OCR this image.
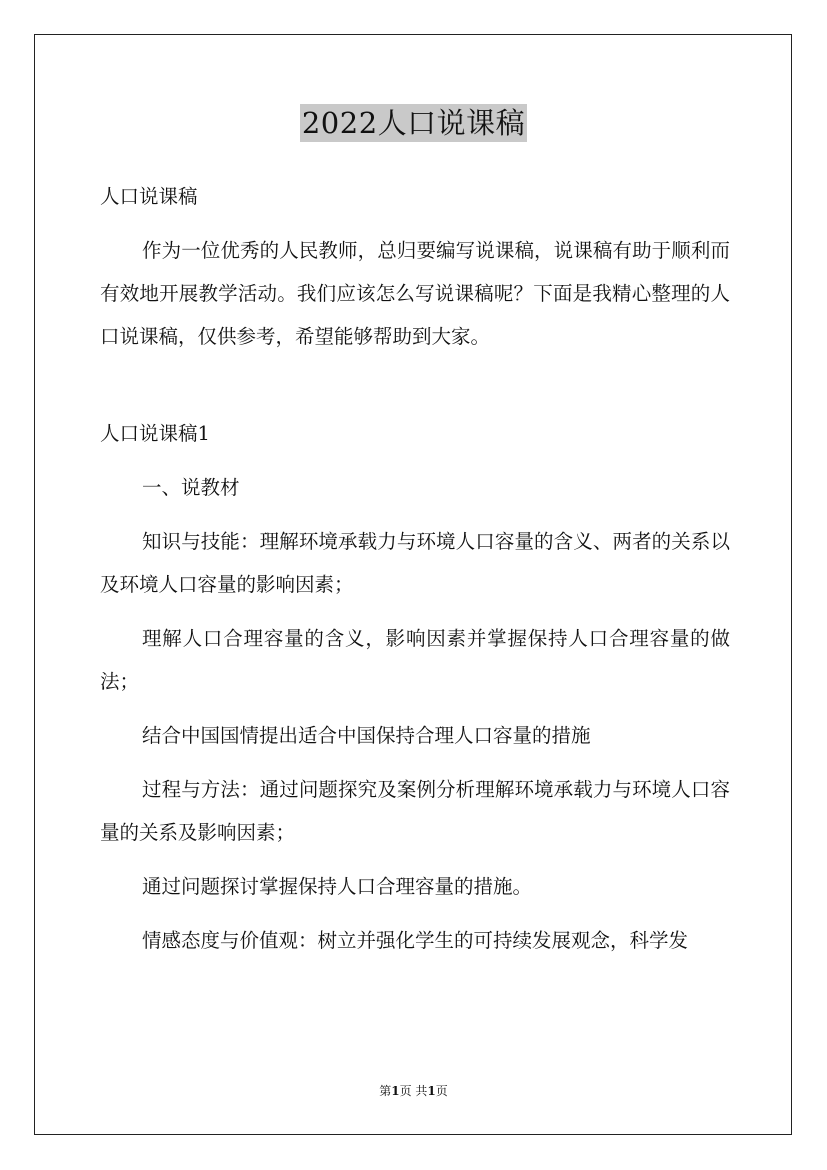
2022人口说课稿

人口说课稿

作为一位优秀的人民教师，总归要编写说课稿，说课稿有助于顺利而有效地开展教学活动。我们应该怎么写说课稿呢？下面是我精心整理的人口说课稿，仅供参考，希望能够帮助到大家。

人口说课稿1

一、说教材

知识与技能：理解环境承载力与环境人口容量的含义、两者的关系以及环境人口容量的影响因素；

理解人口合理容量的含义，影响因素并掌握保持人口合理容量的做法；

结合中国国情提出适合中国保持合理人口容量的措施

过程与方法：通过问题探究及案例分析理解环境承载力与环境人口容量的关系及影响因素；

通过问题探讨掌握保持人口合理容量的措施。

情感态度与价值观：树立并强化学生的可持续发展观念，科学发

第1页 共1页
